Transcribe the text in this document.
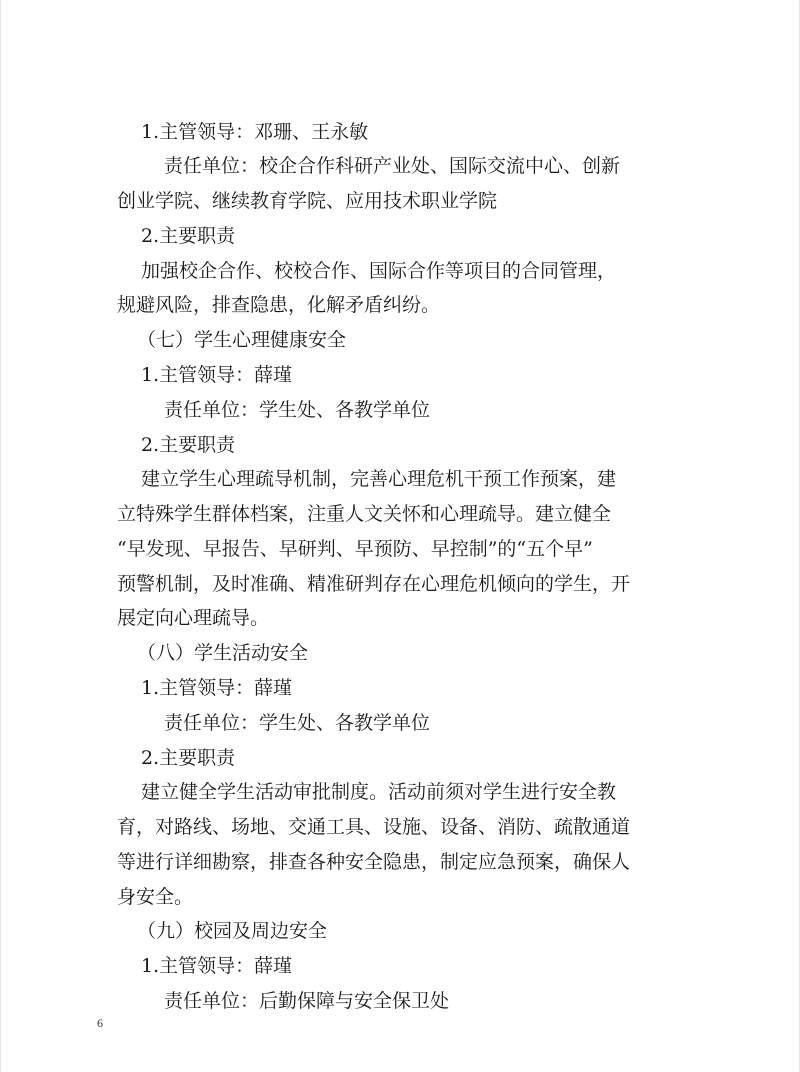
1.主管领导：邓珊、王永敏
责任单位：校企合作科研产业处、国际交流中心、创新
创业学院、继续教育学院、应用技术职业学院
2.主要职责
加强校企合作、校校合作、国际合作等项目的合同管理，
规避风险，排查隐患，化解矛盾纠纷。
（七）学生心理健康安全
1.主管领导：薛瑾
责任单位：学生处、各教学单位
2.主要职责
建立学生心理疏导机制，完善心理危机干预工作预案，建
立特殊学生群体档案，注重人文关怀和心理疏导。建立健全
“早发现、早报告、早研判、早预防、早控制”的“五个早”
预警机制，及时准确、精准研判存在心理危机倾向的学生，开
展定向心理疏导。
（八）学生活动安全
1.主管领导：薛瑾
责任单位：学生处、各教学单位
2.主要职责
建立健全学生活动审批制度。活动前须对学生进行安全教
育，对路线、场地、交通工具、设施、设备、消防、疏散通道
等进行详细勘察，排查各种安全隐患，制定应急预案，确保人
身安全。
（九）校园及周边安全
1.主管领导：薛瑾
责任单位：后勤保障与安全保卫处
6
